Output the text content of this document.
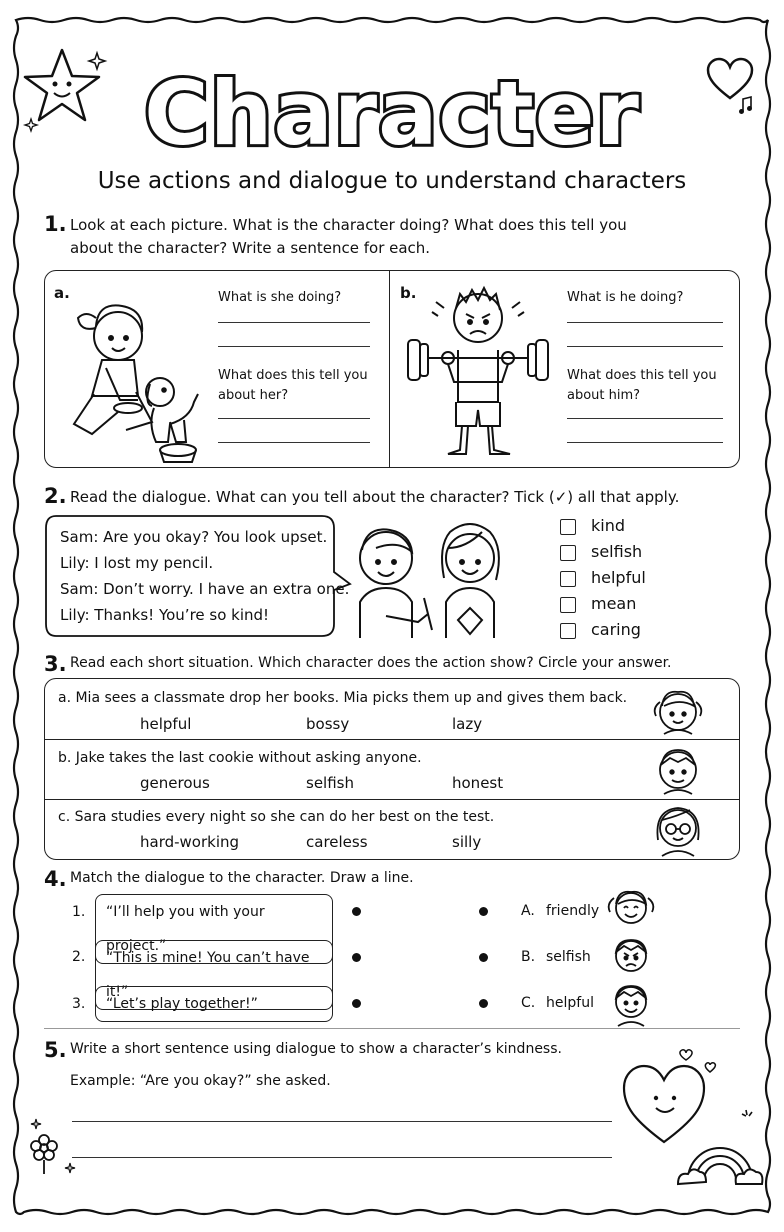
Character
Use actions and dialogue to understand characters
1. Look at each picture. What is the character doing? What does this tell you
about the character? Write a sentence for each.
a.	What is she doing?
What does this tell you
about her?
b.	What is he doing?
What does this tell you
about him?
2. Read the dialogue. What can you tell about the character? Tick (✓) all that apply.
Sam: Are you okay? You look upset.
Lily: I lost my pencil.
Sam: Don’t worry. I have an extra one.
Lily: Thanks! You’re so kind!
kind
selfish
helpful
mean
caring
3. Read each short situation. Which character does the action show? Circle your answer.
a. Mia sees a classmate drop her books. Mia picks them up and gives them back.
helpful	bossy	lazy
b. Jake takes the last cookie without asking anyone.
generous	selfish	honest
c. Sara studies every night so she can do her best on the test.
hard-working	careless	silly
4. Match the dialogue to the character. Draw a line.
1.	“I’ll help you with your project.”
2.	“This is mine! You can’t have it!”
3.	“Let’s play together!”
A. friendly
B. selfish
C. helpful
5. Write a short sentence using dialogue to show a character’s kindness.
Example: “Are you okay?” she asked.
